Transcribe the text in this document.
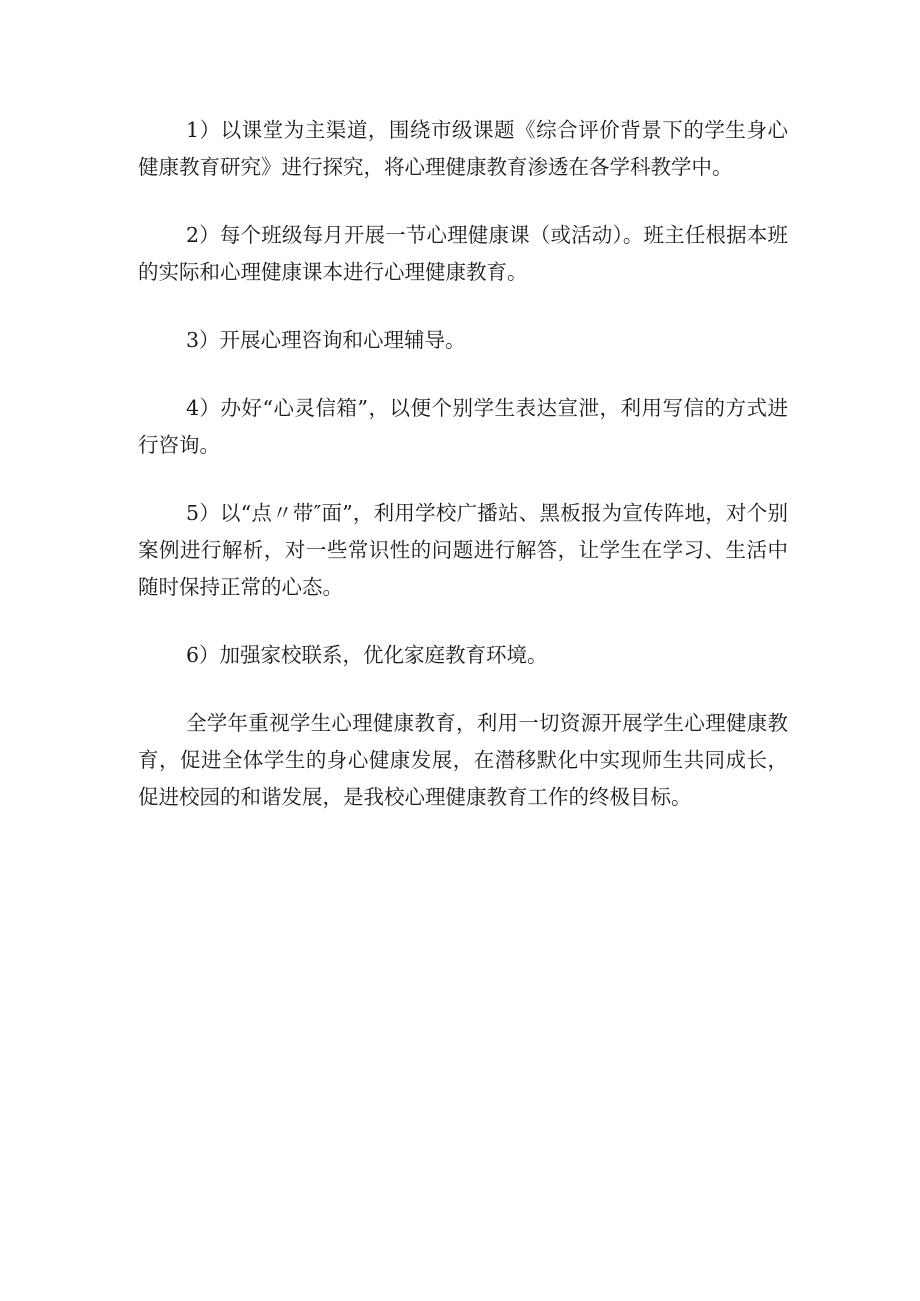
1）以课堂为主渠道，围绕市级课题《综合评价背景下的学生身心健康教育研究》进行探究，将心理健康教育渗透在各学科教学中。

2）每个班级每月开展一节心理健康课（或活动）。班主任根据本班的实际和心理健康课本进行心理健康教育。

3）开展心理咨询和心理辅导。

4）办好“心灵信箱”，以便个别学生表达宣泄，利用写信的方式进行咨询。

5）以“点〃带″面”，利用学校广播站、黑板报为宣传阵地，对个别案例进行解析，对一些常识性的问题进行解答，让学生在学习、生活中随时保持正常的心态。

6）加强家校联系，优化家庭教育环境。

全学年重视学生心理健康教育，利用一切资源开展学生心理健康教育，促进全体学生的身心健康发展，在潜移默化中实现师生共同成长，促进校园的和谐发展，是我校心理健康教育工作的终极目标。
